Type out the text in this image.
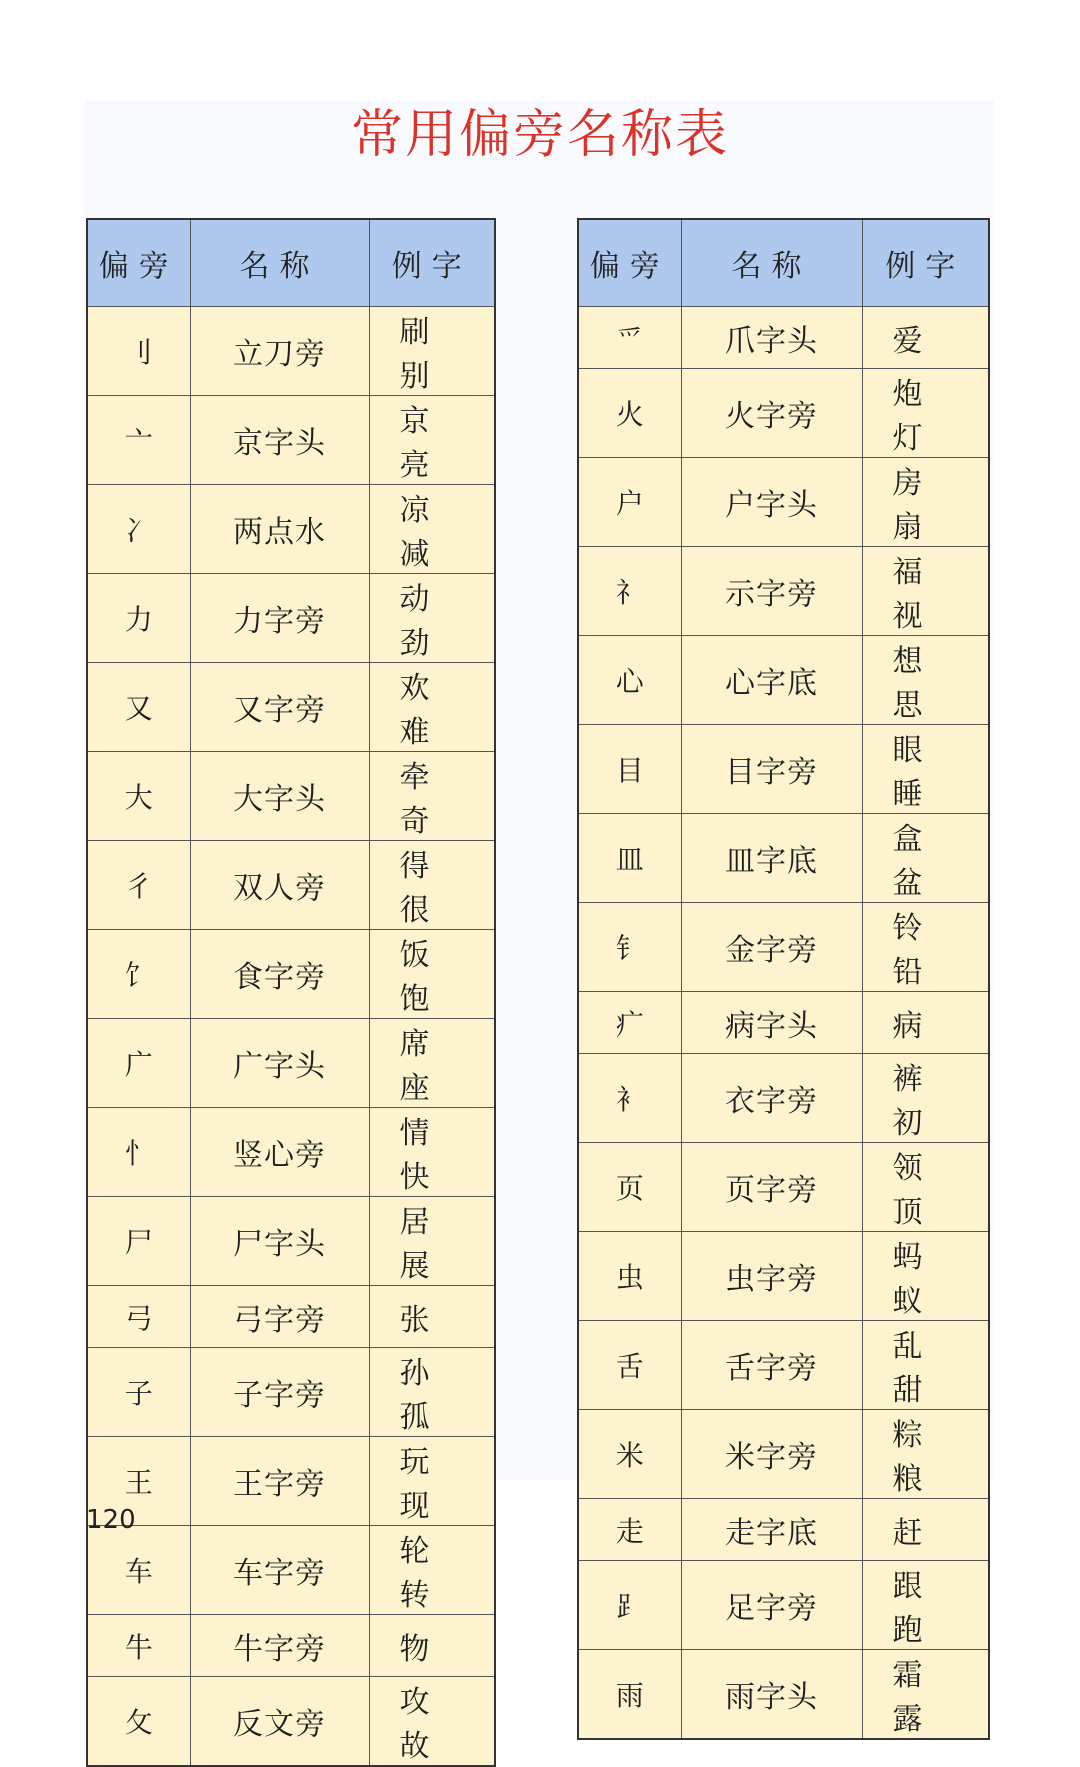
常用偏旁名称表
偏旁	名称	例字
刂	立刀旁	刷 别
亠	京字头	京 亮
冫	两点水	凉 减
力	力字旁	动 劲
又	又字旁	欢 难
大	大字头	牵 奇
彳	双人旁	得 很
饣	食字旁	饭 饱
广	广字头	席 座
忄	竖心旁	情 快
尸	尸字头	居 展
弓	弓字旁	张
子	子字旁	孙 孤
王	王字旁	玩 现
车	车字旁	轮 转
牛	牛字旁	物
攵	反文旁	攻 故
偏旁	名称	例字
爫	爪字头	爱
火	火字旁	炮 灯
户	户字头	房 扇
礻	示字旁	福 视
心	心字底	想 思
目	目字旁	眼 睡
皿	皿字底	盒 盆
钅	金字旁	铃 铅
疒	病字头	病
衤	衣字旁	裤 初
页	页字旁	领 顶
虫	虫字旁	蚂 蚁
舌	舌字旁	乱 甜
米	米字旁	粽 粮
走	走字底	赶
⻊	足字旁	跟 跑
雨	雨字头	霜 露
120
